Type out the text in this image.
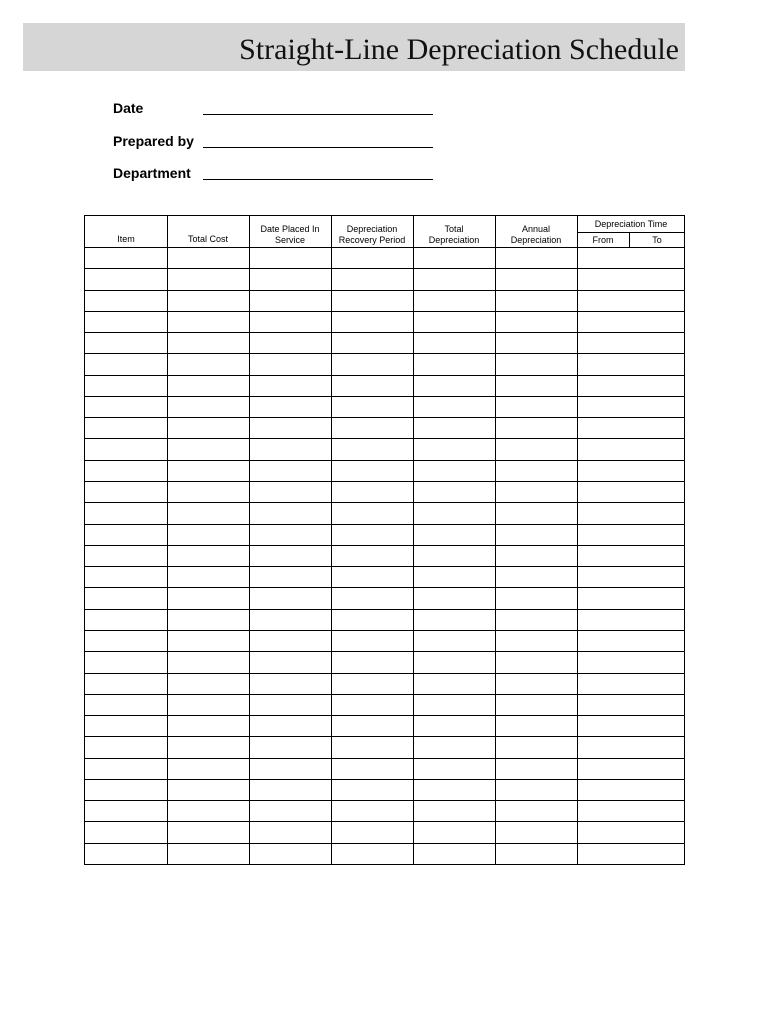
Straight-Line Depreciation Schedule
Date
Prepared by
Department
Item	Total Cost
Date Placed In
Service
Depreciation
Recovery Period
Total
Depreciation
Annual
Depreciation
Depreciation Time
From	To
